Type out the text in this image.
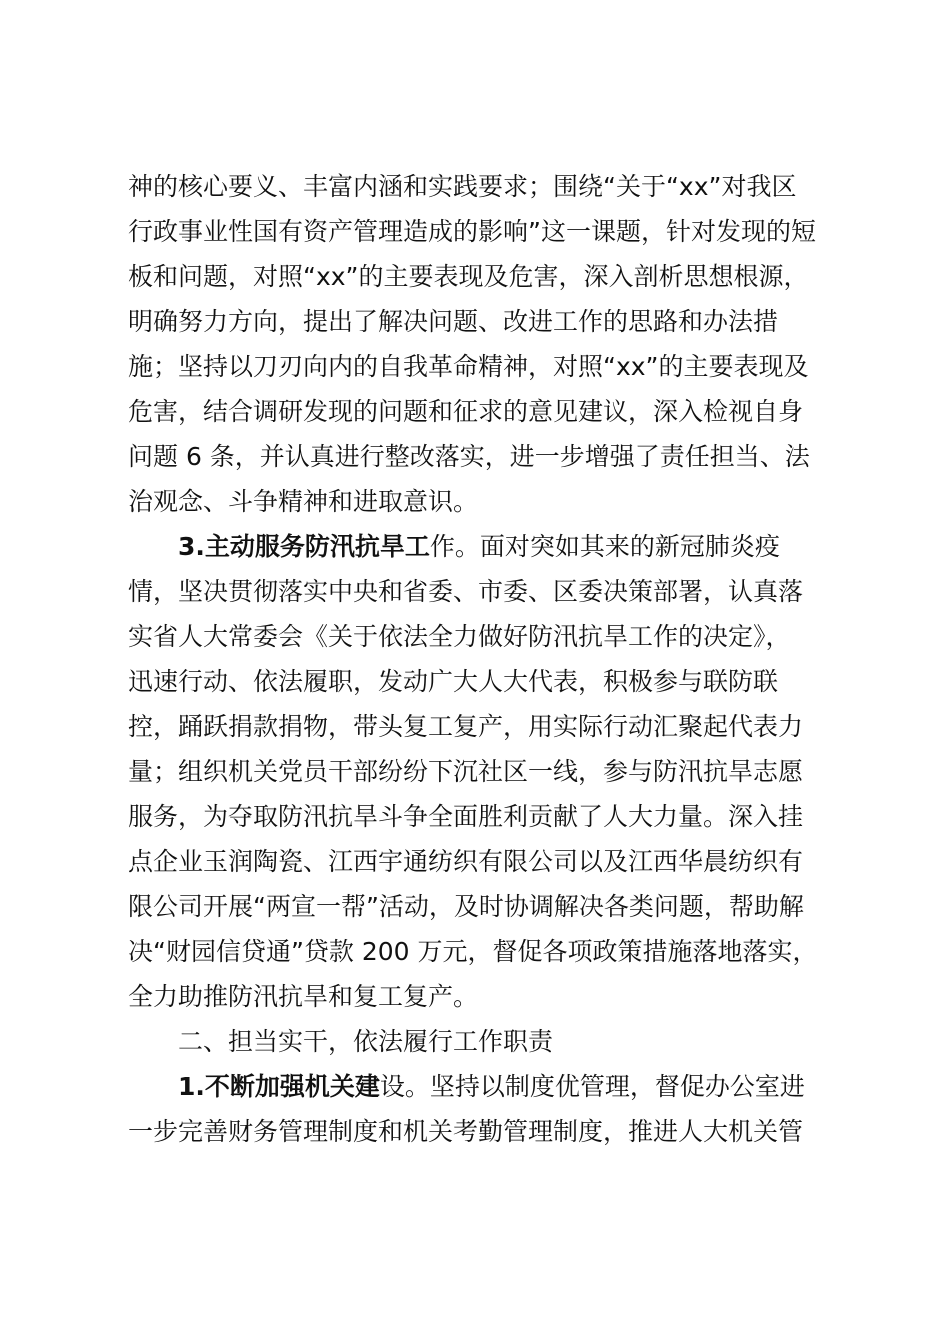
神的核心要义、丰富内涵和实践要求；围绕“关于“xx”对我区
行政事业性国有资产管理造成的影响”这一课题，针对发现的短
板和问题，对照“xx”的主要表现及危害，深入剖析思想根源，
明确努力方向，提出了解决问题、改进工作的思路和办法措
施；坚持以刀刃向内的自我革命精神，对照“xx”的主要表现及
危害，结合调研发现的问题和征求的意见建议，深入检视自身
问题 6 条，并认真进行整改落实，进一步增强了责任担当、法
治观念、斗争精神和进取意识。
3.主动服务防汛抗旱工作。面对突如其来的新冠肺炎疫
情，坚决贯彻落实中央和省委、市委、区委决策部署，认真落
实省人大常委会《关于依法全力做好防汛抗旱工作的决定》，
迅速行动、依法履职，发动广大人大代表，积极参与联防联
控，踊跃捐款捐物，带头复工复产，用实际行动汇聚起代表力
量；组织机关党员干部纷纷下沉社区一线，参与防汛抗旱志愿
服务，为夺取防汛抗旱斗争全面胜利贡献了人大力量。深入挂
点企业玉润陶瓷、江西宇通纺织有限公司以及江西华晨纺织有
限公司开展“两宣一帮”活动，及时协调解决各类问题，帮助解
决“财园信贷通”贷款 200 万元，督促各项政策措施落地落实，
全力助推防汛抗旱和复工复产。
二、担当实干，依法履行工作职责
1.不断加强机关建设。坚持以制度优管理，督促办公室进
一步完善财务管理制度和机关考勤管理制度，推进人大机关管
